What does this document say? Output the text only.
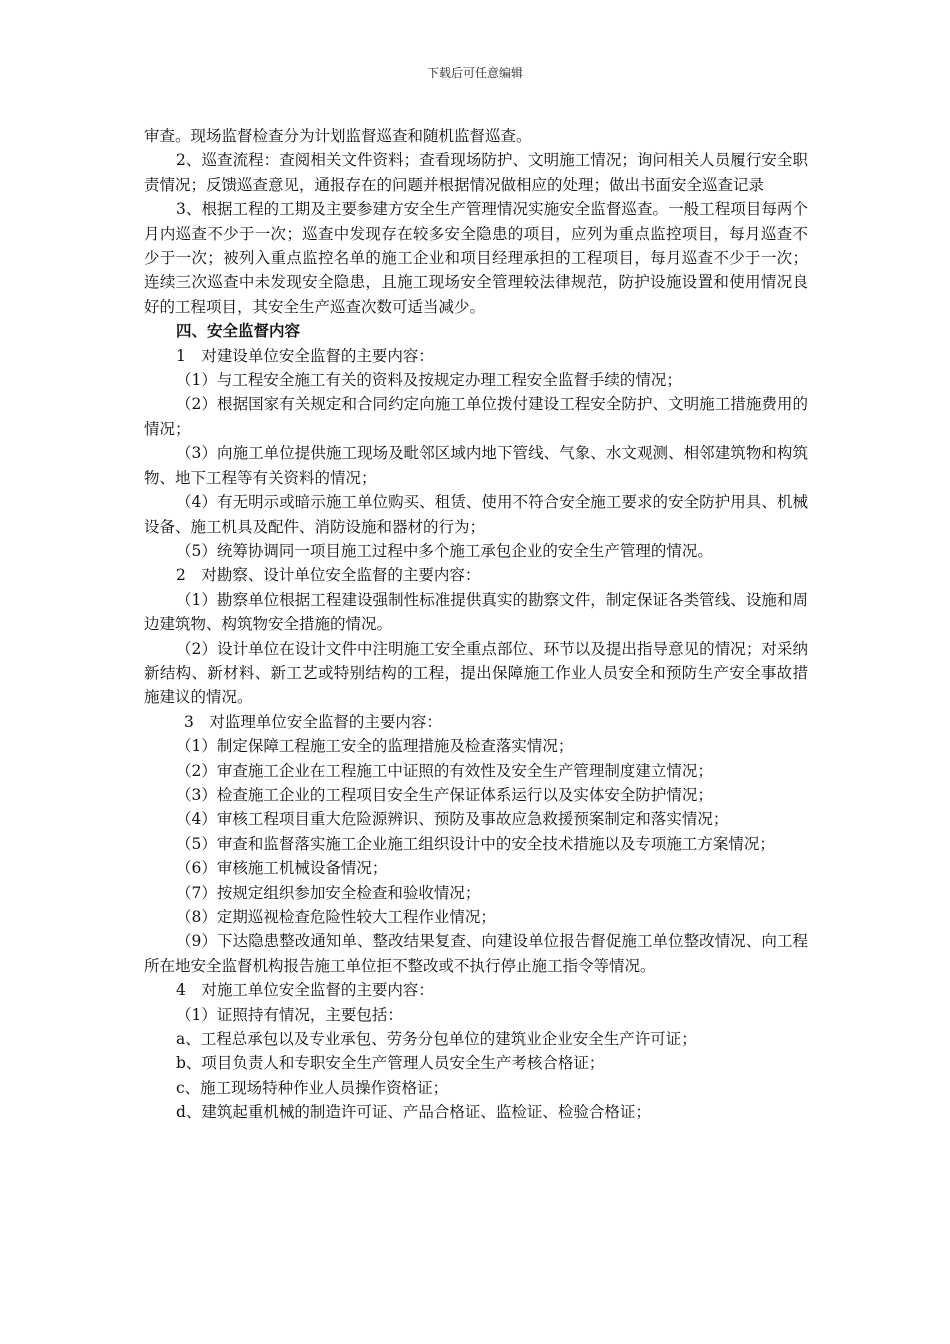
下载后可任意编辑

审查。现场监督检查分为计划监督巡查和随机监督巡查。

2、巡查流程：查阅相关文件资料；查看现场防护、文明施工情况；询问相关人员履行安全职责情况；反馈巡查意见，通报存在的问题并根据情况做相应的处理；做出书面安全巡查记录

3、根据工程的工期及主要参建方安全生产管理情况实施安全监督巡查。一般工程项目每两个月内巡查不少于一次；巡查中发现存在较多安全隐患的项目，应列为重点监控项目，每月巡查不少于一次；被列入重点监控名单的施工企业和项目经理承担的工程项目，每月巡查不少于一次；连续三次巡查中未发现安全隐患，且施工现场安全管理较法律规范，防护设施设置和使用情况良好的工程项目，其安全生产巡查次数可适当减少。

四、安全监督内容

1　对建设单位安全监督的主要内容：

（1）与工程安全施工有关的资料及按规定办理工程安全监督手续的情况；

（2）根据国家有关规定和合同约定向施工单位拨付建设工程安全防护、文明施工措施费用的情况；

（3）向施工单位提供施工现场及毗邻区域内地下管线、气象、水文观测、相邻建筑物和构筑物、地下工程等有关资料的情况；

（4）有无明示或暗示施工单位购买、租赁、使用不符合安全施工要求的安全防护用具、机械设备、施工机具及配件、消防设施和器材的行为；

（5）统筹协调同一项目施工过程中多个施工承包企业的安全生产管理的情况。

2　对勘察、设计单位安全监督的主要内容：

（1）勘察单位根据工程建设强制性标准提供真实的勘察文件，制定保证各类管线、设施和周边建筑物、构筑物安全措施的情况。

（2）设计单位在设计文件中注明施工安全重点部位、环节以及提出指导意见的情况；对采纳新结构、新材料、新工艺或特别结构的工程，提出保障施工作业人员安全和预防生产安全事故措施建议的情况。

3　对监理单位安全监督的主要内容：

（1）制定保障工程施工安全的监理措施及检查落实情况；

（2）审查施工企业在工程施工中证照的有效性及安全生产管理制度建立情况；

（3）检查施工企业的工程项目安全生产保证体系运行以及实体安全防护情况；

（4）审核工程项目重大危险源辨识、预防及事故应急救援预案制定和落实情况；

（5）审查和监督落实施工企业施工组织设计中的安全技术措施以及专项施工方案情况；

（6）审核施工机械设备情况；

（7）按规定组织参加安全检查和验收情况；

（8）定期巡视检查危险性较大工程作业情况；

（9）下达隐患整改通知单、整改结果复查、向建设单位报告督促施工单位整改情况、向工程所在地安全监督机构报告施工单位拒不整改或不执行停止施工指令等情况。

4　对施工单位安全监督的主要内容：

（1）证照持有情况，主要包括：

a、工程总承包以及专业承包、劳务分包单位的建筑业企业安全生产许可证；

b、项目负责人和专职安全生产管理人员安全生产考核合格证；

c、施工现场特种作业人员操作资格证；

d、建筑起重机械的制造许可证、产品合格证、监检证、检验合格证；
